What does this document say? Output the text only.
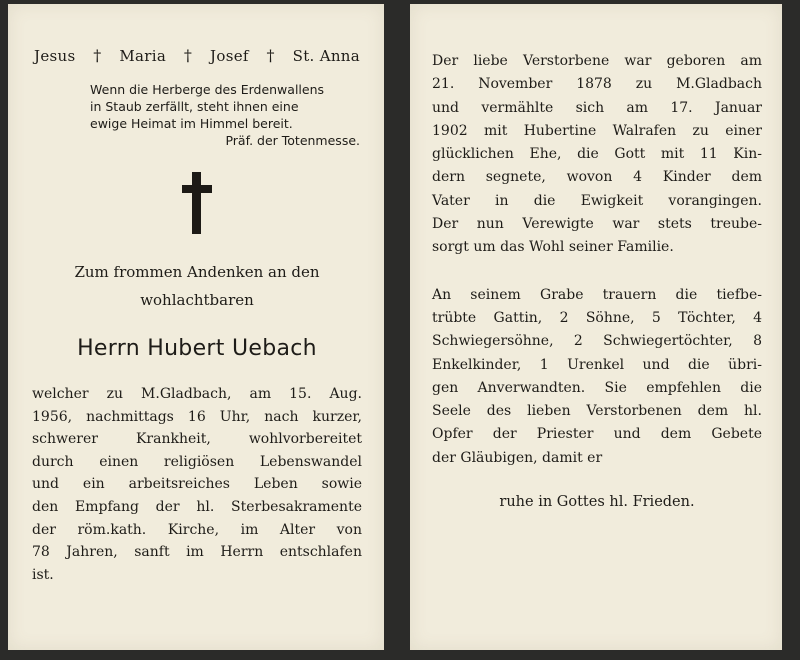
Jesus † Maria † Josef † St. Anna
Wenn die Herberge des Erdenwallens
in Staub zerfällt, steht ihnen eine
ewige Heimat im Himmel bereit.
Präf. der Totenmesse.
Zum frommen Andenken an den
wohlachtbaren
Herrn Hubert Uebach
welcher zu M.Gladbach, am 15. Aug.
1956, nachmittags 16 Uhr, nach kurzer,
schwerer Krankheit, wohlvorbereitet
durch einen religiösen Lebenswandel
und ein arbeitsreiches Leben sowie
den Empfang der hl. Sterbesakramente
der röm.kath. Kirche, im Alter von
78 Jahren, sanft im Herrn entschlafen
ist.
Der liebe Verstorbene war geboren am
21. November 1878 zu M.Gladbach
und vermählte sich am 17. Januar
1902 mit Hubertine Walrafen zu einer
glücklichen Ehe, die Gott mit 11 Kin-
dern segnete, wovon 4 Kinder dem
Vater in die Ewigkeit vorangingen.
Der nun Verewigte war stets treube-
sorgt um das Wohl seiner Familie.
An seinem Grabe trauern die tiefbe-
trübte Gattin, 2 Söhne, 5 Töchter, 4
Schwiegersöhne, 2 Schwiegertöchter, 8
Enkelkinder, 1 Urenkel und die übri-
gen Anverwandten. Sie empfehlen die
Seele des lieben Verstorbenen dem hl.
Opfer der Priester und dem Gebete
der Gläubigen, damit er
ruhe in Gottes hl. Frieden.
